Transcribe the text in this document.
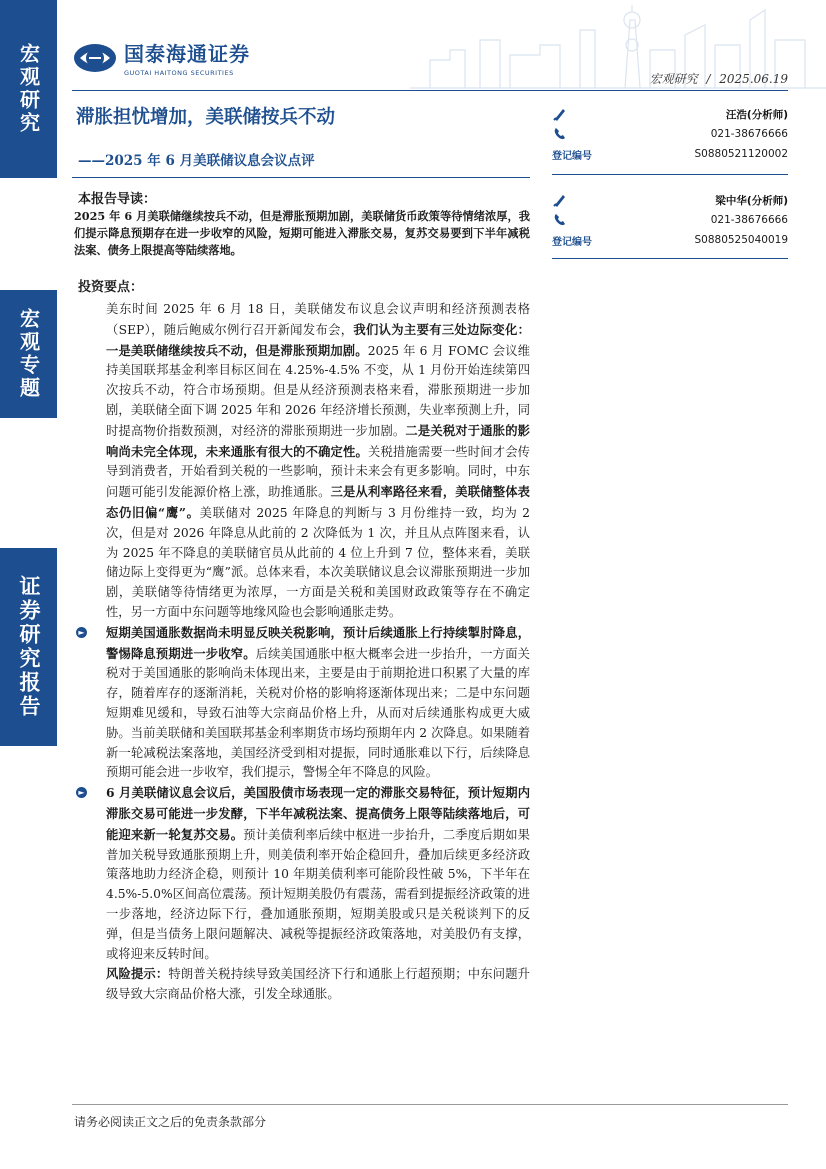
宏观研究
宏观专题
证券研究报告
国泰海通证券
GUOTAI HAITONG SECURITIES	宏观研究 / 2025.06.19
滞胀担忧增加，美联储按兵不动
——2025 年 6 月美联储议息会议点评
本报告导读：
2025 年 6 月美联储继续按兵不动，但是滞胀预期加剧，美联储货币政策等待情绪浓厚，我们提示降息预期存在进一步收窄的风险，短期可能进入滞胀交易，复苏交易要到下半年减税法案、债务上限提高等陆续落地。
投资要点：
美东时间 2025 年 6 月 18 日，美联储发布议息会议声明和经济预测表格（SEP），随后鲍威尔例行召开新闻发布会，我们认为主要有三处边际变化：一是美联储继续按兵不动，但是滞胀预期加剧。2025 年 6 月 FOMC 会议维持美国联邦基金利率目标区间在 4.25%-4.5% 不变，从 1 月份开始连续第四次按兵不动，符合市场预期。但是从经济预测表格来看，滞胀预期进一步加剧，美联储全面下调 2025 年和 2026 年经济增长预测，失业率预测上升，同时提高物价指数预测，对经济的滞胀预期进一步加剧。二是关税对于通胀的影响尚未完全体现，未来通胀有很大的不确定性。关税措施需要一些时间才会传导到消费者，开始看到关税的一些影响，预计未来会有更多影响。同时，中东问题可能引发能源价格上涨，助推通胀。三是从利率路径来看，美联储整体表态仍旧偏“鹰”。美联储对 2025 年降息的判断与 3 月份维持一致，均为 2 次，但是对 2026 年降息从此前的 2 次降低为 1 次，并且从点阵图来看，认为 2025 年不降息的美联储官员从此前的 4 位上升到 7 位，整体来看，美联储边际上变得更为“鹰”派。总体来看，本次美联储议息会议滞胀预期进一步加剧，美联储等待情绪更为浓厚，一方面是关税和美国财政政策等存在不确定性，另一方面中东问题等地缘风险也会影响通胀走势。
► 短期美国通胀数据尚未明显反映关税影响，预计后续通胀上行持续掣肘降息，警惕降息预期进一步收窄。后续美国通胀中枢大概率会进一步抬升，一方面关税对于美国通胀的影响尚未体现出来，主要是由于前期抢进口积累了大量的库存，随着库存的逐渐消耗，关税对价格的影响将逐渐体现出来；二是中东问题短期难见缓和，导致石油等大宗商品价格上升，从而对后续通胀构成更大威胁。当前美联储和美国联邦基金利率期货市场均预期年内 2 次降息。如果随着新一轮减税法案落地，美国经济受到相对提振，同时通胀难以下行，后续降息预期可能会进一步收窄，我们提示，警惕全年不降息的风险。
► 6 月美联储议息会议后，美国股债市场表现一定的滞胀交易特征，预计短期内滞胀交易可能进一步发酵，下半年减税法案、提高债务上限等陆续落地后，可能迎来新一轮复苏交易。预计美债利率后续中枢进一步抬升，二季度后期如果普加关税导致通胀预期上升，则美债利率开始企稳回升，叠加后续更多经济政策落地助力经济企稳，则预计 10 年期美债利率可能阶段性破 5%，下半年在 4.5%-5.0%区间高位震荡。预计短期美股仍有震荡，需看到提振经济政策的进一步落地，经济边际下行，叠加通胀预期，短期美股或只是关税谈判下的反弹，但是当债务上限问题解决、减税等提振经济政策落地，对美股仍有支撑，或将迎来反转时间。
风险提示：特朗普关税持续导致美国经济下行和通胀上行超预期；中东问题升级导致大宗商品价格大涨，引发全球通胀。
汪浩(分析师)
021-38676666
登记编号	S0880521120002
梁中华(分析师)
021-38676666
登记编号	S0880525040019
请务必阅读正文之后的免责条款部分
